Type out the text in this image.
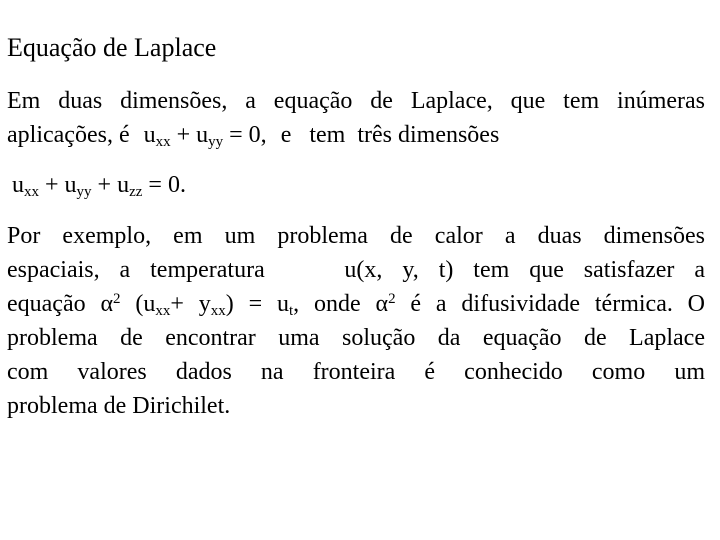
Equação de Laplace
Em duas dimensões, a equação de Laplace, que tem inúmeras
aplicações, é $u_{xx} + u_{yy} = 0$, e   tem  três dimensões
$u_{xx} + u_{yy} + u_{zz} = 0$.
Por exemplo, em um problema de calor a duas dimensões
espaciais, a temperatura    u(x, y, t) tem que satisfazer a
equação $\alpha^2$ $(u_{xx}+ y_{xx}) = u_t$, onde $\alpha^2$ é a difusividade térmica. O
problema de encontrar uma solução da equação de Laplace
com valores dados na fronteira é conhecido como um
problema de Dirichilet.
